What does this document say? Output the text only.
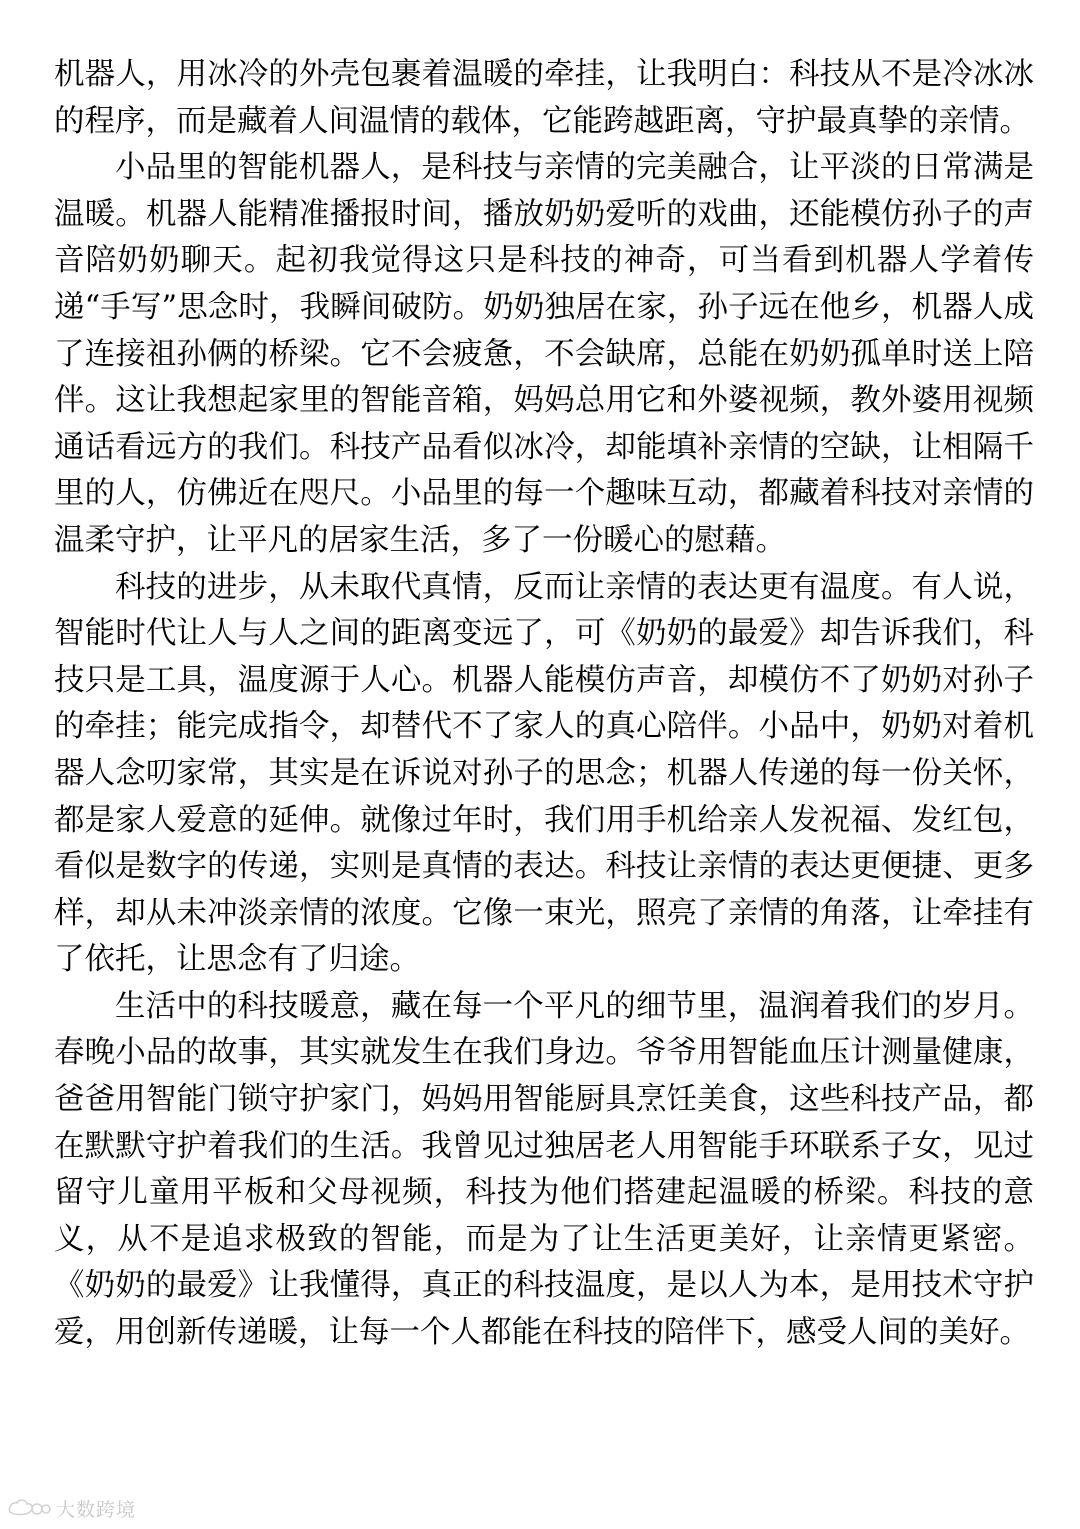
机器人，用冰冷的外壳包裹着温暖的牵挂，让我明白：科技从不是冷冰冰的程序，而是藏着人间温情的载体，它能跨越距离，守护最真挚的亲情。

小品里的智能机器人，是科技与亲情的完美融合，让平淡的日常满是温暖。机器人能精准播报时间，播放奶奶爱听的戏曲，还能模仿孙子的声音陪奶奶聊天。起初我觉得这只是科技的神奇，可当看到机器人学着传递“手写”思念时，我瞬间破防。奶奶独居在家，孙子远在他乡，机器人成了连接祖孙俩的桥梁。它不会疲惫，不会缺席，总能在奶奶孤单时送上陪伴。这让我想起家里的智能音箱，妈妈总用它和外婆视频，教外婆用视频通话看远方的我们。科技产品看似冰冷，却能填补亲情的空缺，让相隔千里的人，仿佛近在咫尺。小品里的每一个趣味互动，都藏着科技对亲情的温柔守护，让平凡的居家生活，多了一份暖心的慰藉。

科技的进步，从未取代真情，反而让亲情的表达更有温度。有人说，智能时代让人与人之间的距离变远了，可《奶奶的最爱》却告诉我们，科技只是工具，温度源于人心。机器人能模仿声音，却模仿不了奶奶对孙子的牵挂；能完成指令，却替代不了家人的真心陪伴。小品中，奶奶对着机器人念叨家常，其实是在诉说对孙子的思念；机器人传递的每一份关怀，都是家人爱意的延伸。就像过年时，我们用手机给亲人发祝福、发红包，看似是数字的传递，实则是真情的表达。科技让亲情的表达更便捷、更多样，却从未冲淡亲情的浓度。它像一束光，照亮了亲情的角落，让牵挂有了依托，让思念有了归途。

生活中的科技暖意，藏在每一个平凡的细节里，温润着我们的岁月。春晚小品的故事，其实就发生在我们身边。爷爷用智能血压计测量健康，爸爸用智能门锁守护家门，妈妈用智能厨具烹饪美食，这些科技产品，都在默默守护着我们的生活。我曾见过独居老人用智能手环联系子女，见过留守儿童用平板和父母视频，科技为他们搭建起温暖的桥梁。科技的意义，从不是追求极致的智能，而是为了让生活更美好，让亲情更紧密。《奶奶的最爱》让我懂得，真正的科技温度，是以人为本，是用技术守护爱，用创新传递暖，让每一个人都能在科技的陪伴下，感受人间的美好。

大数跨境
